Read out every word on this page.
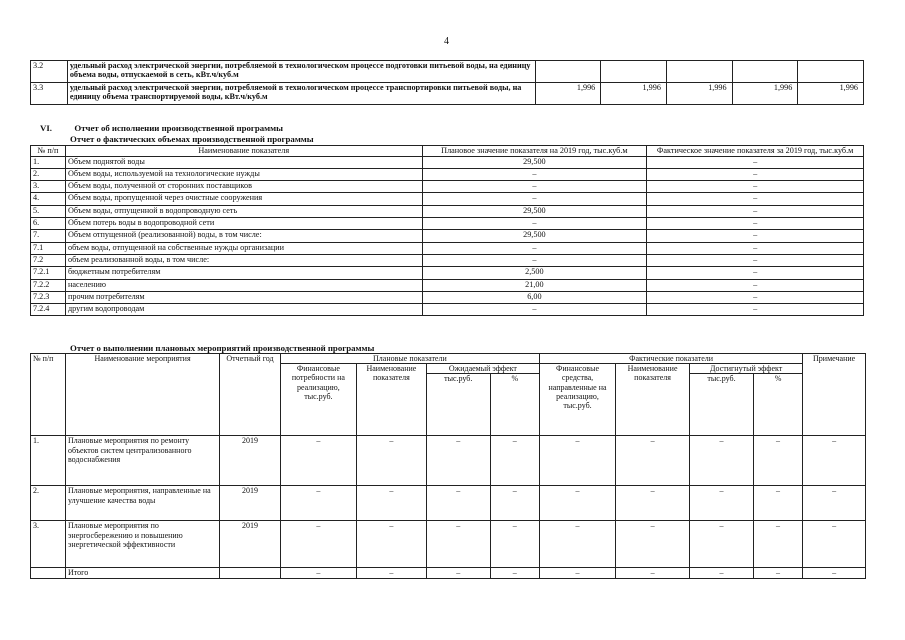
4
3.2	удельный расход электрической энергии, потребляемой в технологическом процессе подготовки питьевой воды, на единицу объема воды, отпускаемой в сеть, кВт.ч/куб.м					
3.3	удельный расход электрической энергии, потребляемой в технологическом процессе транспортировки питьевой воды, на единицу объема транспортируемой воды, кВт.ч/куб.м	1,996	1,996	1,996	1,996	1,996
VI.	Отчет об исполнении производственной программы
Отчет о фактических объемах производственной программы
№ п/п	Наименование показателя	Плановое значение показателя на 2019 год, тыс.куб.м	Фактическое значение показателя за 2019 год, тыс.куб.м
1.	Объем поднятой воды	29,500	–
2.	Объем воды, используемой на технологические нужды	–	–
3.	Объем воды, полученной от сторонних поставщиков	–	–
4.	Объем воды, пропущенной через очистные сооружения	–	–
5.	Объем воды, отпущенной в водопроводную сеть	29,500	–
6.	Объем потерь воды в водопроводной сети	–	–
7.	Объем отпущенной (реализованной) воды, в том числе:	29,500	–
7.1	объем воды, отпущенной на собственные нужды организации	–	–
7.2	объем реализованной воды, в том числе:	–	–
7.2.1	бюджетным потребителям	2,500	–
7.2.2	населению	21,00	–
7.2.3	прочим потребителям	6,00	–
7.2.4	другим водопроводам	–	–
Отчет о выполнении плановых мероприятий производственной программы
№ п/п	Наименование мероприятия	Отчетный год	Плановые показатели				Фактические показатели				Примечание
			Финансовые потребности на реализацию, тыс.руб.	Наименование показателя	Ожидаемый эффект		Финансовые средства, направленные на реализацию, тыс.руб.	Наименование показателя	Достигнутый эффект		
					тыс.руб.	%			тыс.руб.	%	
1.	Плановые мероприятия по ремонту объектов систем централизованного водоснабжения	2019	–	–	–	–	–	–	–	–	–
2.	Плановые мероприятия, направленные на улучшение качества воды	2019	–	–	–	–	–	–	–	–	–
3.	Плановые мероприятия по энергосбережению и повышению энергетической эффективности	2019	–	–	–	–	–	–	–	–	–
	Итого		–	–	–	–	–	–	–	–	–
